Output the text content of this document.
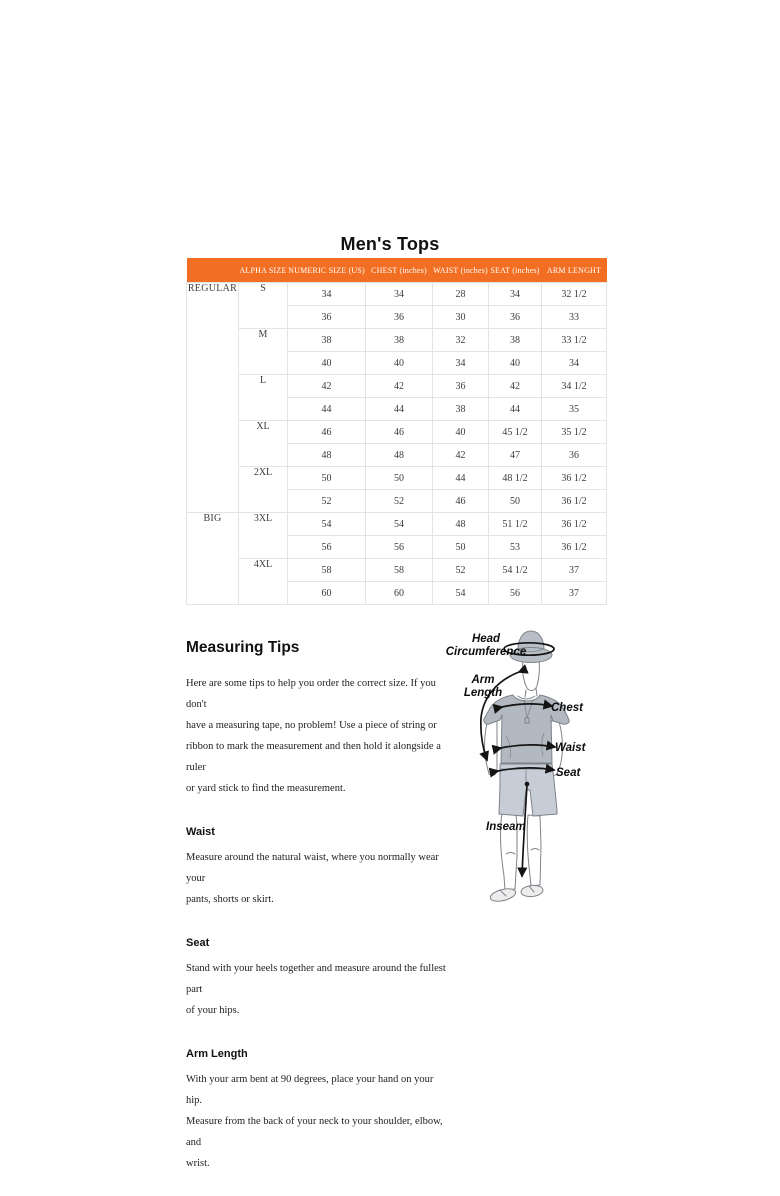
Men's Tops
	ALPHA SIZE	NUMERIC SIZE (US)	CHEST (inches)	WAIST (inches)	SEAT (inches)	ARM LENGHT
REGULAR	S	34	34	28	34	32 1/2
		36	36	30	36	33
	M	38	38	32	38	33 1/2
		40	40	34	40	34
	L	42	42	36	42	34 1/2
		44	44	38	44	35
	XL	46	46	40	45 1/2	35 1/2
		48	48	42	47	36
	2XL	50	50	44	48 1/2	36 1/2
		52	52	46	50	36 1/2
BIG	3XL	54	54	48	51 1/2	36 1/2
		56	56	50	53	36 1/2
	4XL	58	58	52	54 1/2	37
		60	60	54	56	37
Measuring Tips

Here are some tips to help you order the correct size. If you don't
have a measuring tape, no problem! Use a piece of string or
ribbon to mark the measurement and then hold it alongside a ruler
or yard stick to find the measurement.

Waist

Measure around the natural waist, where you normally wear your
pants, shorts or skirt.

Seat

Stand with your heels together and measure around the fullest part
of your hips.

Arm Length

With your arm bent at 90 degrees, place your hand on your hip.
Measure from the back of your neck to your shoulder, elbow, and
wrist.

Head Circumference
Arm Length
Chest
Waist
Seat
Inseam
